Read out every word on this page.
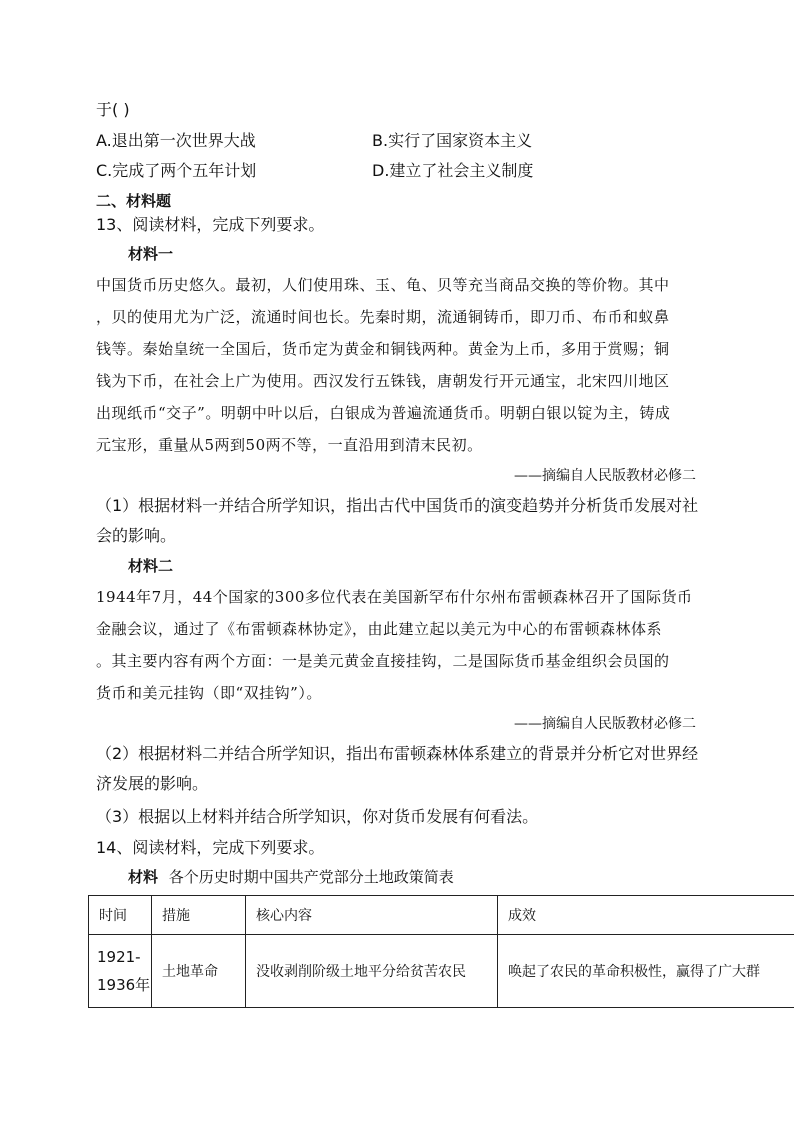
于( )
A.退出第一次世界大战	B.实行了国家资本主义
C.完成了两个五年计划	D.建立了社会主义制度
二、材料题
13、阅读材料，完成下列要求。
材料一
中国货币历史悠久。最初，人们使用珠、玉、龟、贝等充当商品交换的等价物。其中
，贝的使用尤为广泛，流通时间也长。先秦时期，流通铜铸币，即刀币、布币和蚁鼻
钱等。秦始皇统一全国后，货币定为黄金和铜钱两种。黄金为上币，多用于赏赐；铜
钱为下币，在社会上广为使用。西汉发行五铢钱，唐朝发行开元通宝，北宋四川地区
出现纸币“交子”。明朝中叶以后，白银成为普遍流通货币。明朝白银以锭为主，铸成
元宝形，重量从5两到50两不等，一直沿用到清末民初。
——摘编自人民版教材必修二
（1）根据材料一并结合所学知识，指出古代中国货币的演变趋势并分析货币发展对社
会的影响。
材料二
1944年7月，44个国家的300多位代表在美国新罕布什尔州布雷顿森林召开了国际货币
金融会议，通过了《布雷顿森林协定》，由此建立起以美元为中心的布雷顿森林体系
。其主要内容有两个方面：一是美元黄金直接挂钩，二是国际货币基金组织会员国的
货币和美元挂钩（即“双挂钩”）。
——摘编自人民版教材必修二
（2）根据材料二并结合所学知识，指出布雷顿森林体系建立的背景并分析它对世界经
济发展的影响。
（3）根据以上材料并结合所学知识，你对货币发展有何看法。
14、阅读材料，完成下列要求。
材料 各个历史时期中国共产党部分土地政策简表
时间	措施	核心内容	成效

1921-
1936年	土地革命	没收剥削阶级土地平分给贫苦农民	唤起了农民的革命积极性，赢得了广大群
